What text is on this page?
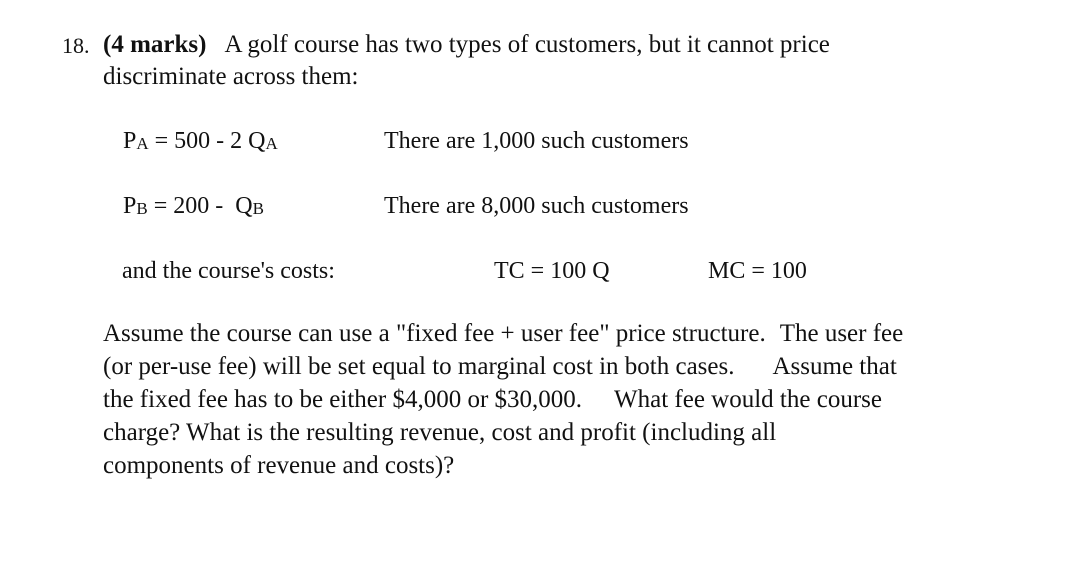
18. (4 marks) A golf course has two types of customers, but it cannot price
discriminate across them:
PA = 500 - 2 QA	There are 1,000 such customers
PB = 200 -  QB	There are 8,000 such customers
and the course's costs:	TC = 100 Q	MC = 100
Assume the course can use a "fixed fee + user fee" price structure. The user fee
(or per-use fee) will be set equal to marginal cost in both cases. Assume that
the fixed fee has to be either $4,000 or $30,000. What fee would the course
charge? What is the resulting revenue, cost and profit (including all
components of revenue and costs)?
